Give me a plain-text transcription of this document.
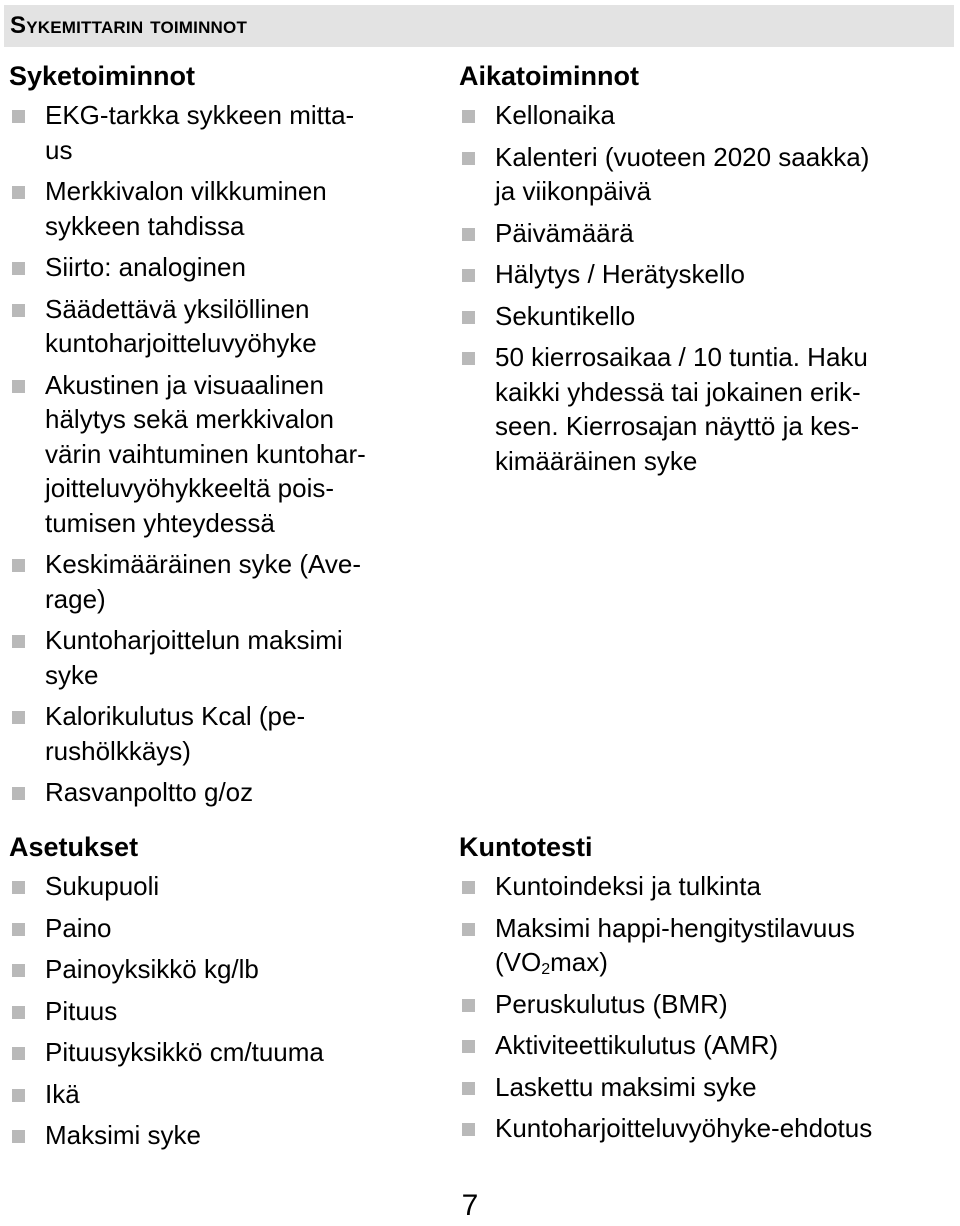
Sykemittarin toiminnot
Syketoiminnot
EKG-tarkka sykkeen mitta-
us
Merkkivalon vilkkuminen
sykkeen tahdissa
Siirto: analoginen
Säädettävä yksilöllinen
kuntoharjoitteluvyöhyke
Akustinen ja visuaalinen
hälytys sekä merkkivalon
värin vaihtuminen kuntohar-
joitteluvyöhykkeeltä pois-
tumisen yhteydessä
Keskimääräinen syke (Ave-
rage)
Kuntoharjoittelun maksimi
syke
Kalorikulutus Kcal (pe-
rushölkkäys)
Rasvanpoltto g/oz
Asetukset
Sukupuoli
Paino
Painoyksikkö kg/lb
Pituus
Pituusyksikkö cm/tuuma
Ikä
Maksimi syke
Aikatoiminnot
Kellonaika
Kalenteri (vuoteen 2020 saakka)
ja viikonpäivä
Päivämäärä
Hälytys / Herätyskello
Sekuntikello
50 kierrosaikaa / 10 tuntia. Haku
kaikki yhdessä tai jokainen erik-
seen. Kierrosajan näyttö ja kes-
kimääräinen syke
Kuntotesti
Kuntoindeksi ja tulkinta
Maksimi happi-hengitystilavuus
$(VO_2\max)$
Peruskulutus (BMR)
Aktiviteettikulutus (AMR)
Laskettu maksimi syke
Kuntoharjoitteluvyöhyke-ehdotus
7
